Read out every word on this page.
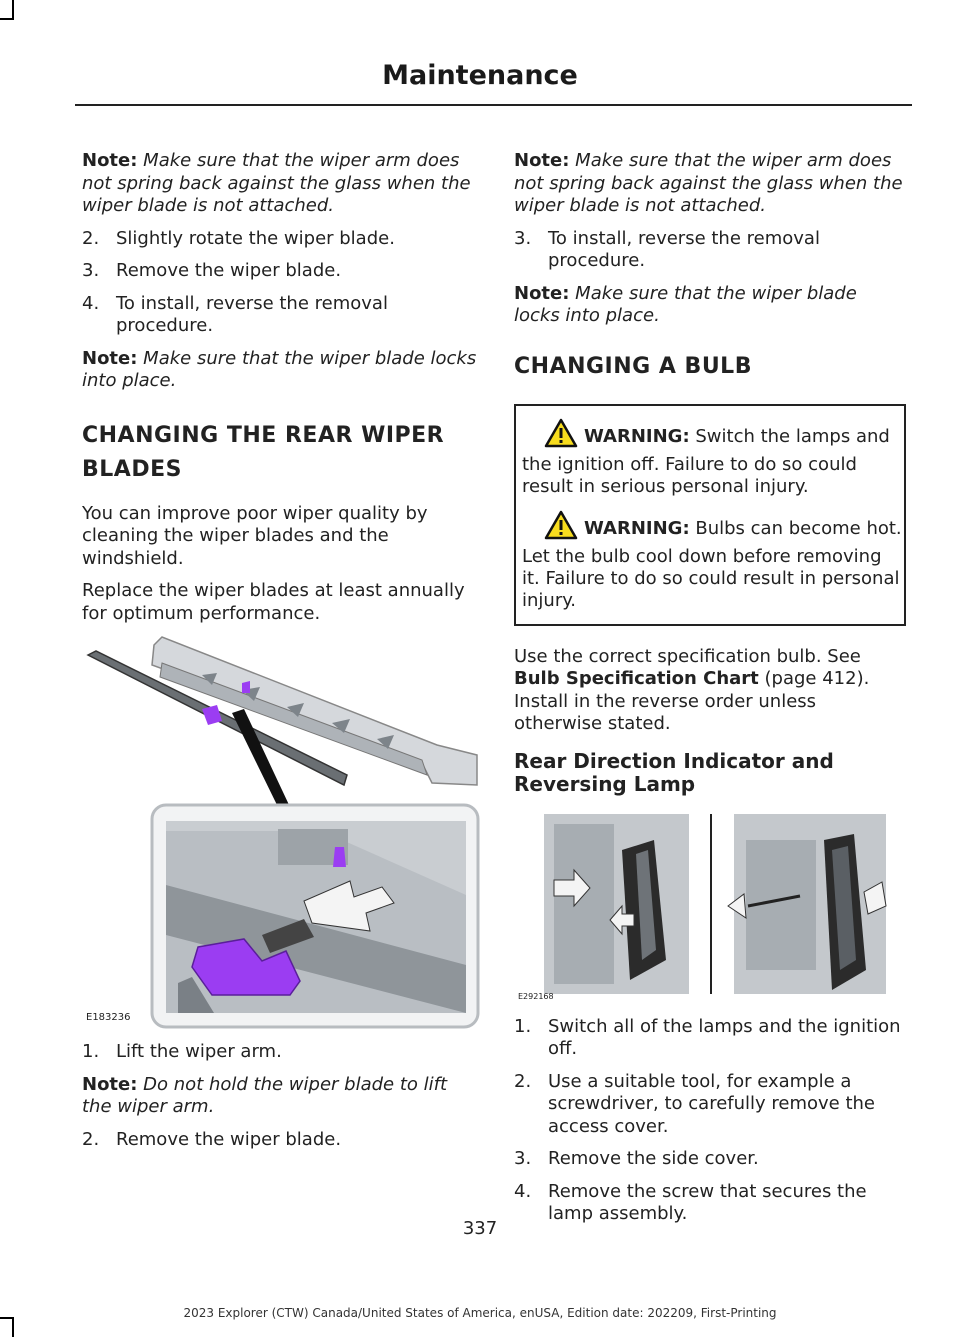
Maintenance

Note: Make sure that the wiper arm does not spring back against the glass when the wiper blade is not attached.

2. Slightly rotate the wiper blade.
3. Remove the wiper blade.
4. To install, reverse the removal procedure.

Note: Make sure that the wiper blade locks into place.

CHANGING THE REAR WIPER BLADES

You can improve poor wiper quality by cleaning the wiper blades and the windshield.

Replace the wiper blades at least annually for optimum performance.

E183236
1. Lift the wiper arm.

Note: Do not hold the wiper blade to lift the wiper arm.

2. Remove the wiper blade.

Note: Make sure that the wiper arm does not spring back against the glass when the wiper blade is not attached.

3. To install, reverse the removal procedure.

Note: Make sure that the wiper blade locks into place.

CHANGING A BULB

WARNING: Switch the lamps and the ignition off. Failure to do so could result in serious personal injury.

WARNING: Bulbs can become hot. Let the bulb cool down before removing it. Failure to do so could result in personal injury.

Use the correct specification bulb. See Bulb Specification Chart (page 412).

Install in the reverse order unless otherwise stated.

Rear Direction Indicator and Reversing Lamp
E292168
1. Switch all of the lamps and the ignition off.
2. Use a suitable tool, for example a screwdriver, to carefully remove the access cover.
3. Remove the side cover.
4. Remove the screw that secures the lamp assembly.
337
2023 Explorer (CTW) Canada/United States of America, enUSA, Edition date: 202209, First-Printing
